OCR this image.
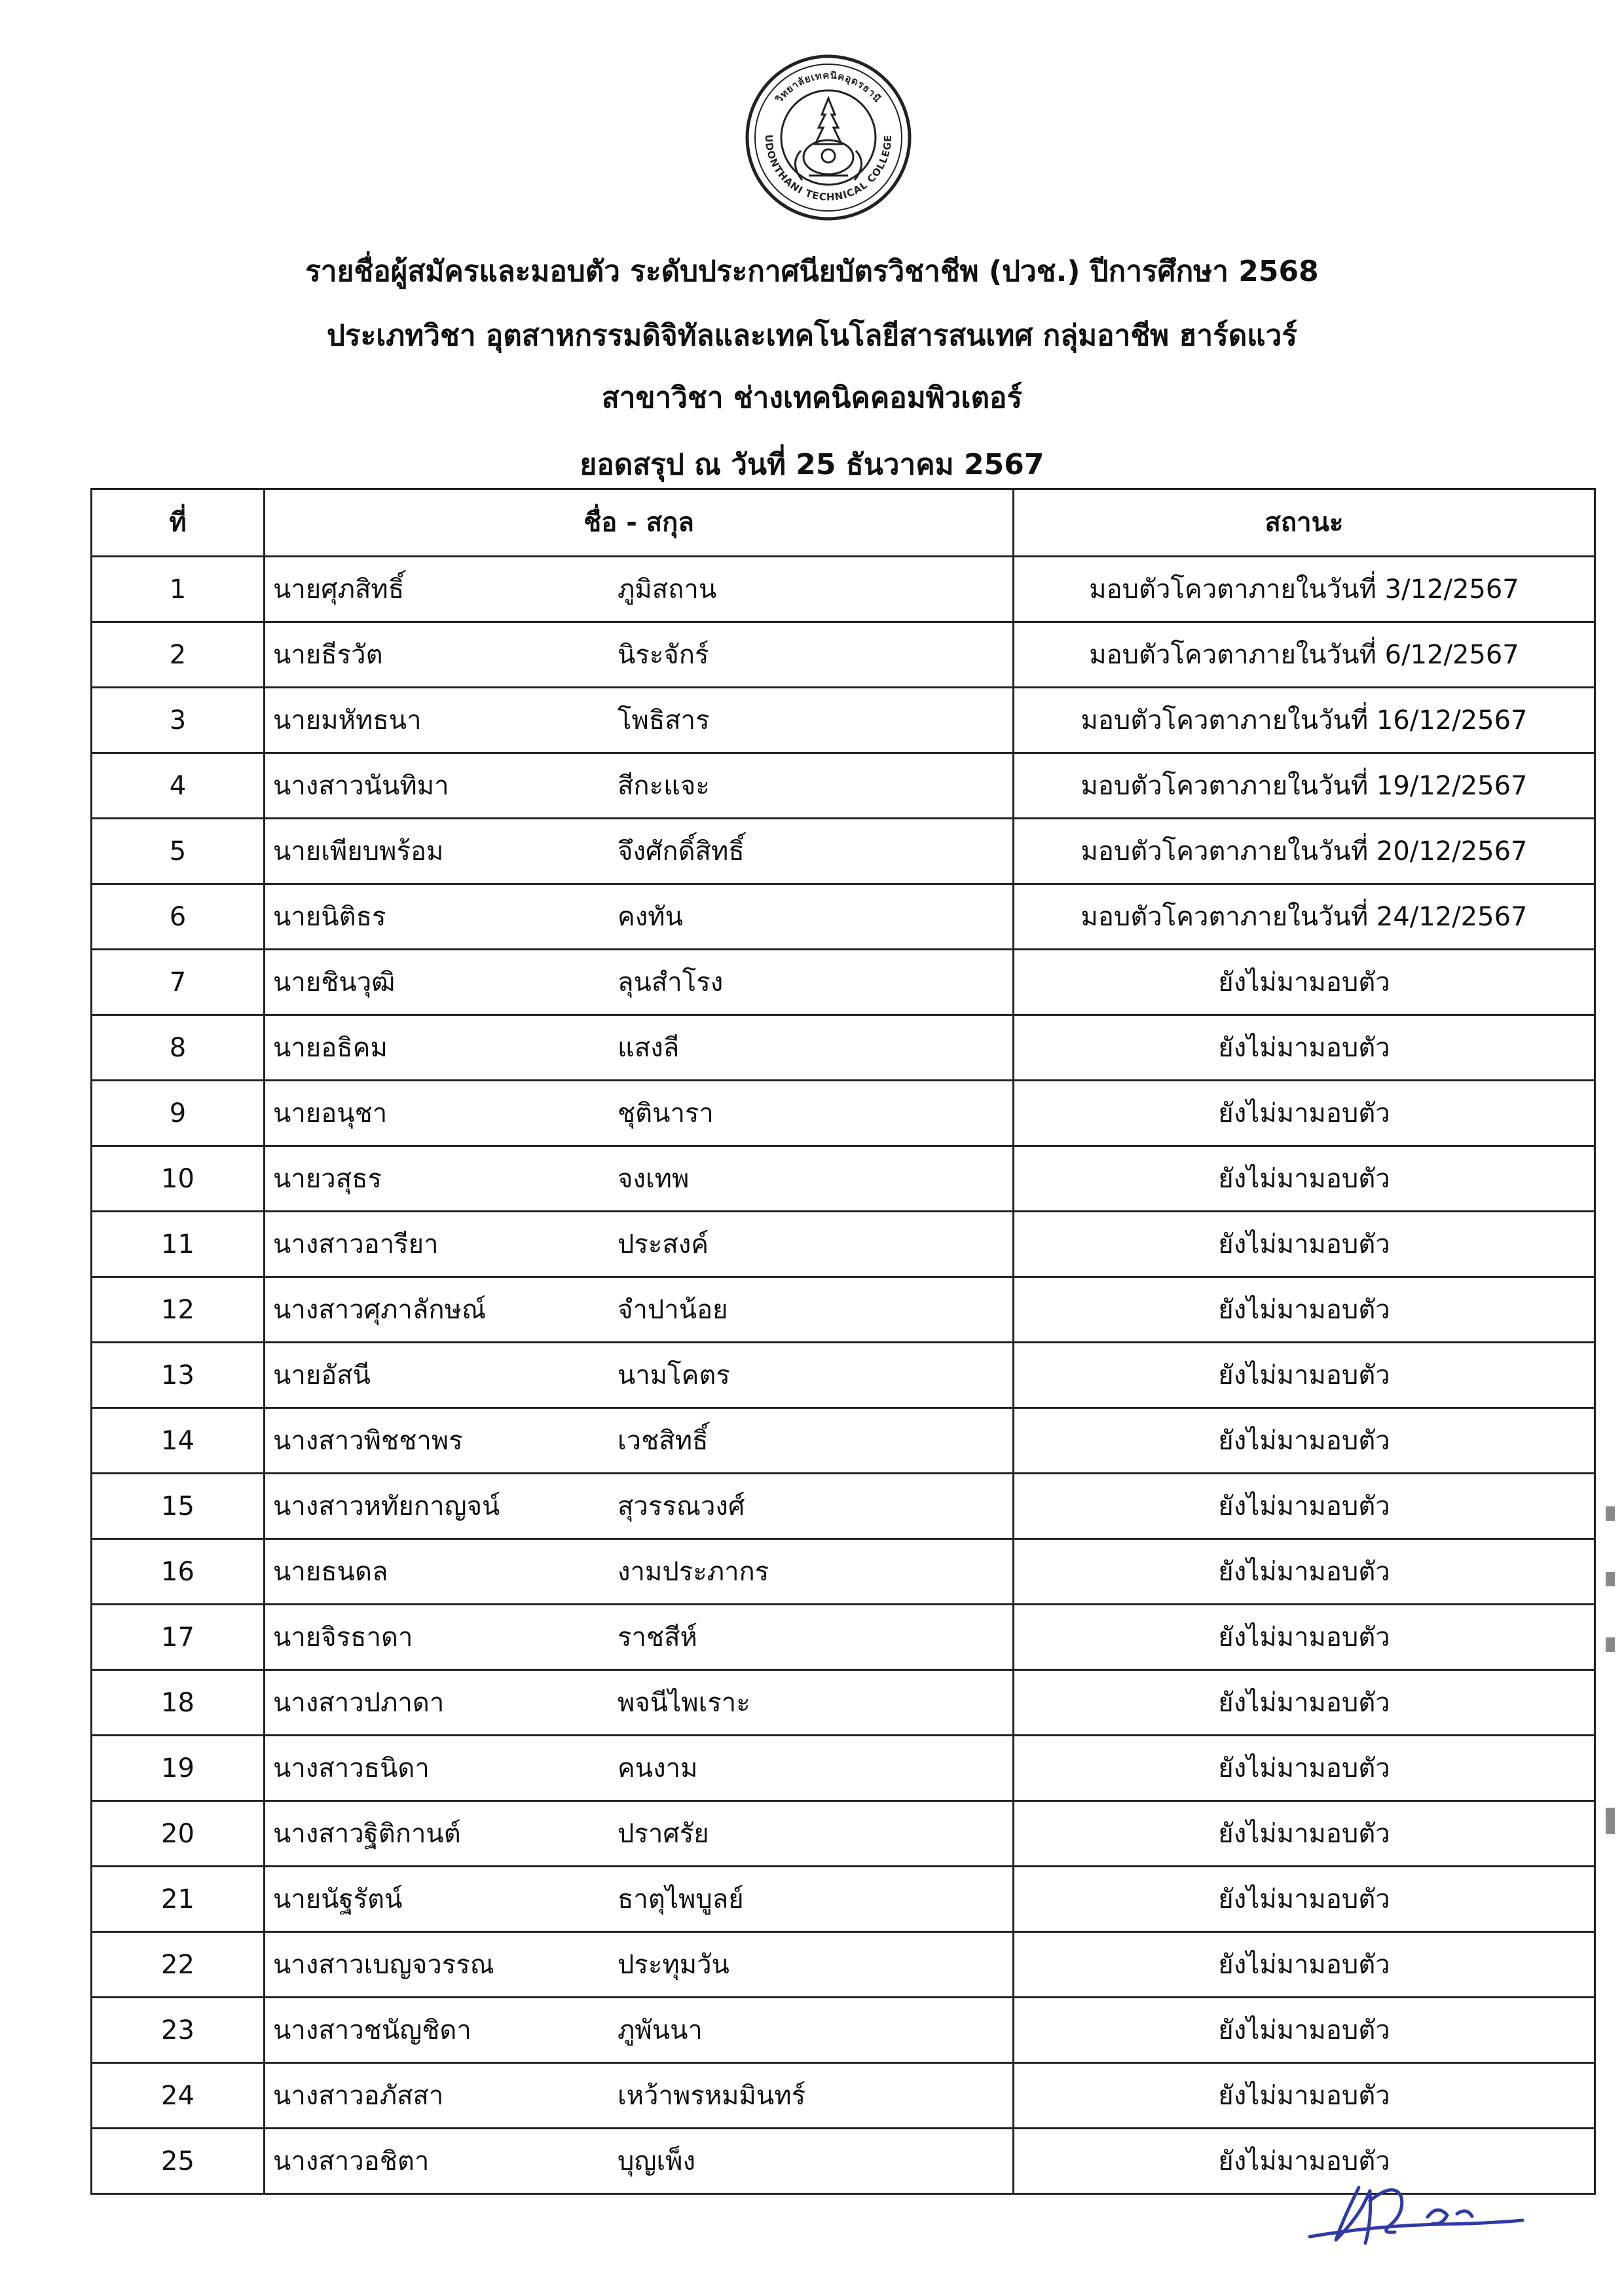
วิทยาลัยเทคนิคอุดรธานี
UDONTHANI TECHNICAL COLLEGE
รายชื่อผู้สมัครและมอบตัว ระดับประกาศนียบัตรวิชาชีพ (ปวช.) ปีการศึกษา 2568
ประเภทวิชา อุตสาหกรรมดิจิทัลและเทคโนโลยีสารสนเทศ กลุ่มอาชีพ ฮาร์ดแวร์
สาขาวิชา ช่างเทคนิคคอมพิวเตอร์
ยอดสรุป ณ วันที่ 25 ธันวาคม 2567
ที่	ชื่อ - สกุล	สถานะ
1	นายศุภสิทธิ์ ภูมิสถาน	มอบตัวโควตาภายในวันที่ 3/12/2567
2	นายธีรวัต นิระจักร์	มอบตัวโควตาภายในวันที่ 6/12/2567
3	นายมหัทธนา โพธิสาร	มอบตัวโควตาภายในวันที่ 16/12/2567
4	นางสาวนันทิมา สีกะแจะ	มอบตัวโควตาภายในวันที่ 19/12/2567
5	นายเพียบพร้อม จึงศักดิ์สิทธิ์	มอบตัวโควตาภายในวันที่ 20/12/2567
6	นายนิติธร คงทัน	มอบตัวโควตาภายในวันที่ 24/12/2567
7	นายชินวุฒิ ลุนสำโรง	ยังไม่มามอบตัว
8	นายอธิคม แสงลี	ยังไม่มามอบตัว
9	นายอนุชา ชุตินารา	ยังไม่มามอบตัว
10	นายวสุธร จงเทพ	ยังไม่มามอบตัว
11	นางสาวอารียา ประสงค์	ยังไม่มามอบตัว
12	นางสาวศุภาลักษณ์ จำปาน้อย	ยังไม่มามอบตัว
13	นายอัสนี นามโคตร	ยังไม่มามอบตัว
14	นางสาวพิชชาพร เวชสิทธิ์	ยังไม่มามอบตัว
15	นางสาวหทัยกาญจน์ สุวรรณวงศ์	ยังไม่มามอบตัว
16	นายธนดล งามประภากร	ยังไม่มามอบตัว
17	นายจิรธาดา ราชสีห์	ยังไม่มามอบตัว
18	นางสาวปภาดา พจนีไพเราะ	ยังไม่มามอบตัว
19	นางสาวธนิดา คนงาม	ยังไม่มามอบตัว
20	นางสาวฐิติกานต์ ปราศรัย	ยังไม่มามอบตัว
21	นายนัฐรัตน์ ธาตุไพบูลย์	ยังไม่มามอบตัว
22	นางสาวเบญจวรรณ ประทุมวัน	ยังไม่มามอบตัว
23	นางสาวชนัญชิดา ภูพันนา	ยังไม่มามอบตัว
24	นางสาวอภัสสา เหว้าพรหมมินทร์	ยังไม่มามอบตัว
25	นางสาวอชิตา บุญเพ็ง	ยังไม่มามอบตัว
